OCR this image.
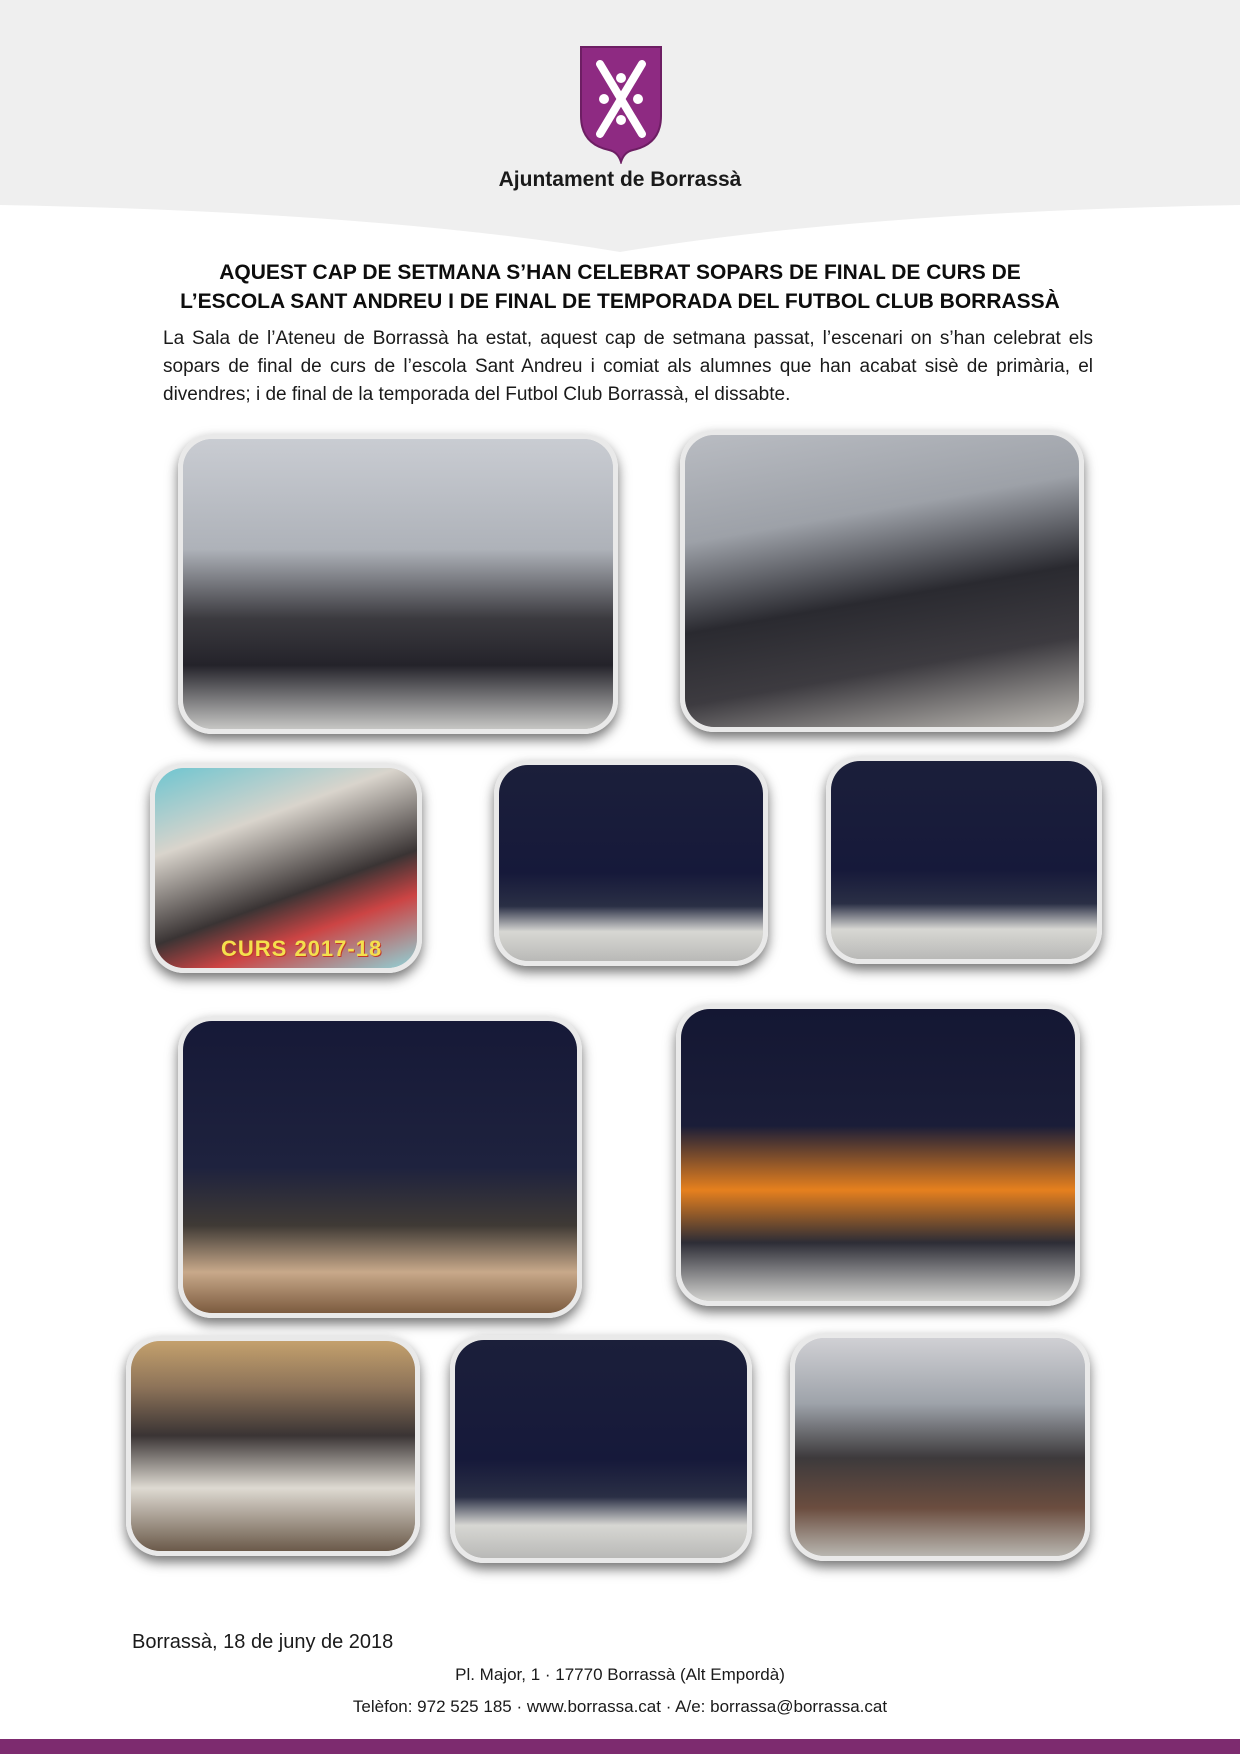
Ajuntament de Borrassà
AQUEST CAP DE SETMANA S’HAN CELEBRAT SOPARS DE FINAL DE CURS DE
L’ESCOLA SANT ANDREU I DE FINAL DE TEMPORADA DEL FUTBOL CLUB BORRASSÀ

La Sala de l’Ateneu de Borrassà ha estat, aquest cap de setmana passat, l’escenari on s’han celebrat els sopars de final de curs de l’escola Sant Andreu i comiat als alumnes que han acabat sisè de primària, el divendres; i de final de la temporada del Futbol Club Borrassà, el dissabte.

CURS 2017-18
Borrassà, 18 de juny de 2018
Pl. Major, 1 · 17770 Borrassà (Alt Empordà)
Telèfon: 972 525 185 · www.borrassa.cat · A/e: borrassa@borrassa.cat
